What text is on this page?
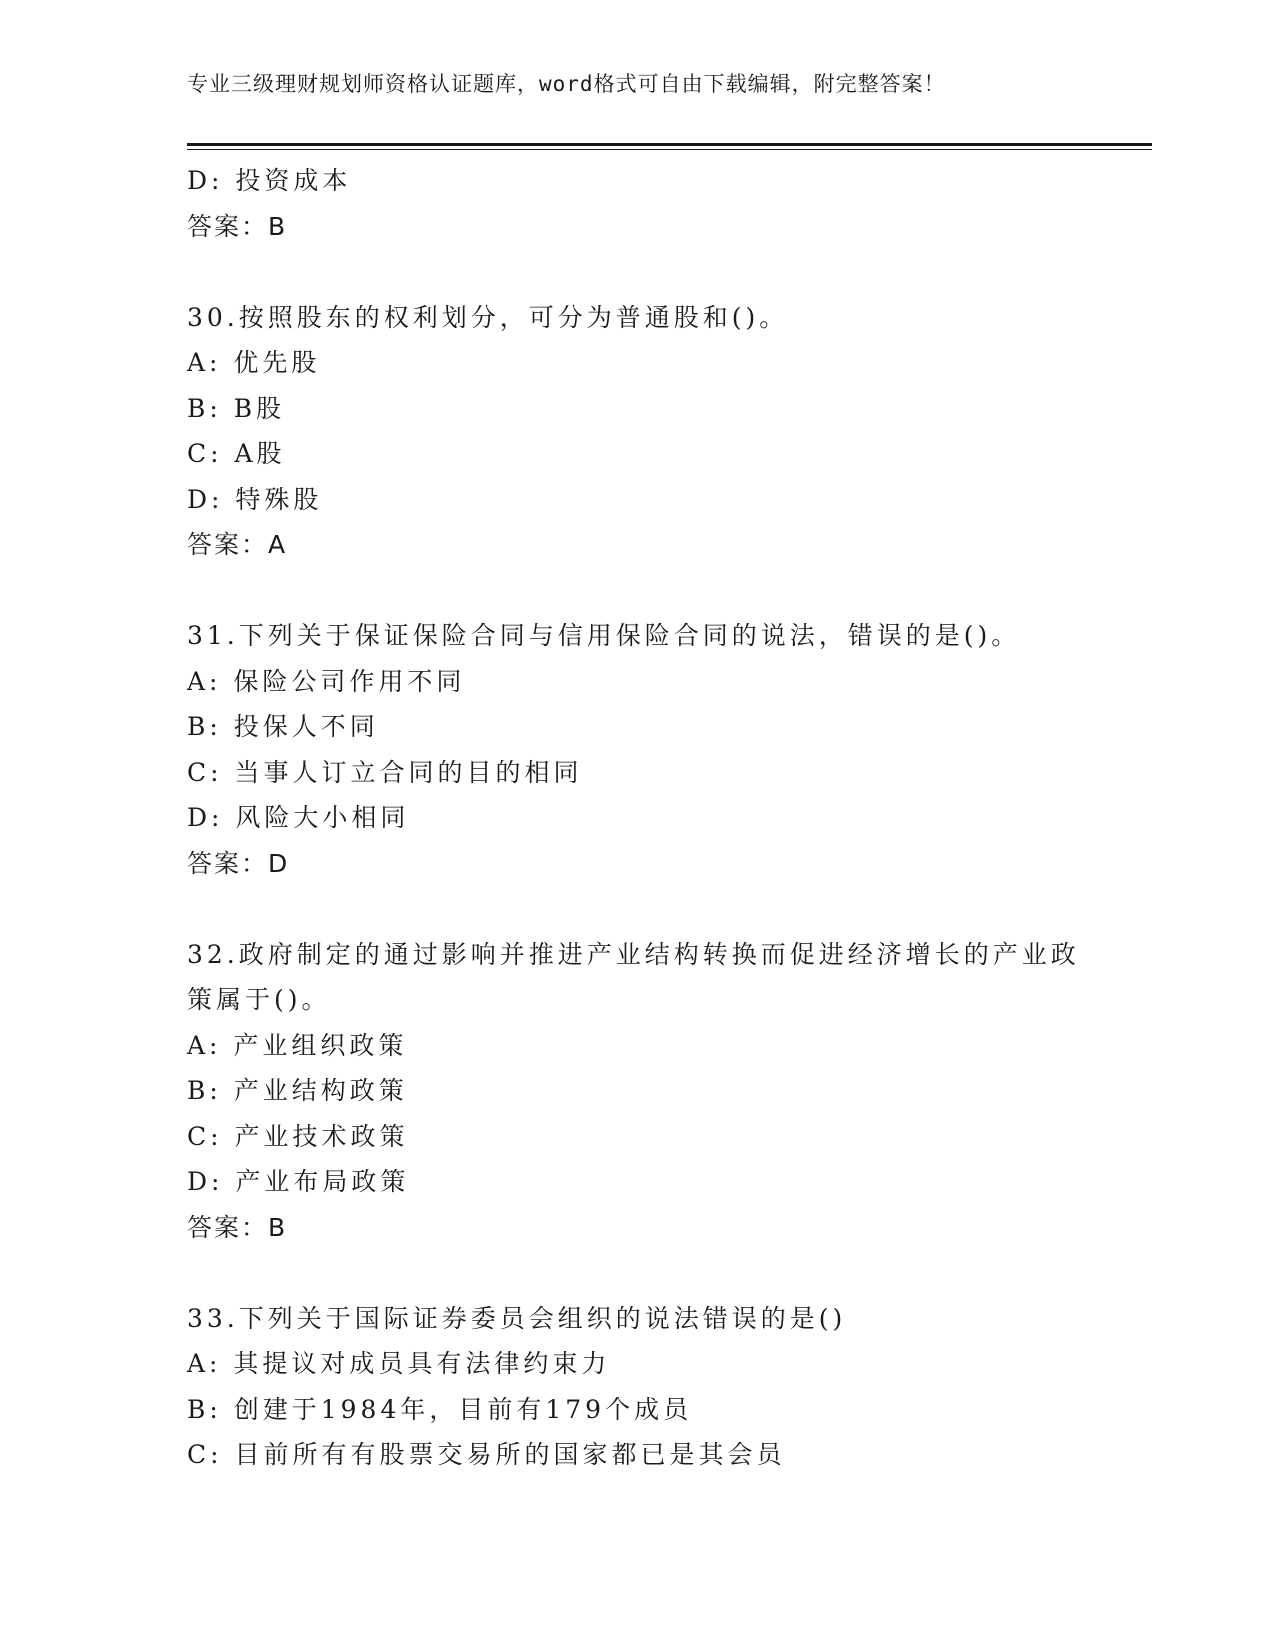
专业三级理财规划师资格认证题库，word格式可自由下载编辑，附完整答案！
D: 投资成本
答案：B
30.按照股东的权利划分，可分为普通股和()。
A: 优先股
B: B股
C: A股
D: 特殊股
答案：A
31.下列关于保证保险合同与信用保险合同的说法，错误的是()。
A: 保险公司作用不同
B: 投保人不同
C: 当事人订立合同的目的相同
D: 风险大小相同
答案：D
32.政府制定的通过影响并推进产业结构转换而促进经济增长的产业政
策属于()。
A: 产业组织政策
B: 产业结构政策
C: 产业技术政策
D: 产业布局政策
答案：B
33.下列关于国际证券委员会组织的说法错误的是()
A: 其提议对成员具有法律约束力
B: 创建于1984年，目前有179个成员
C: 目前所有有股票交易所的国家都已是其会员
